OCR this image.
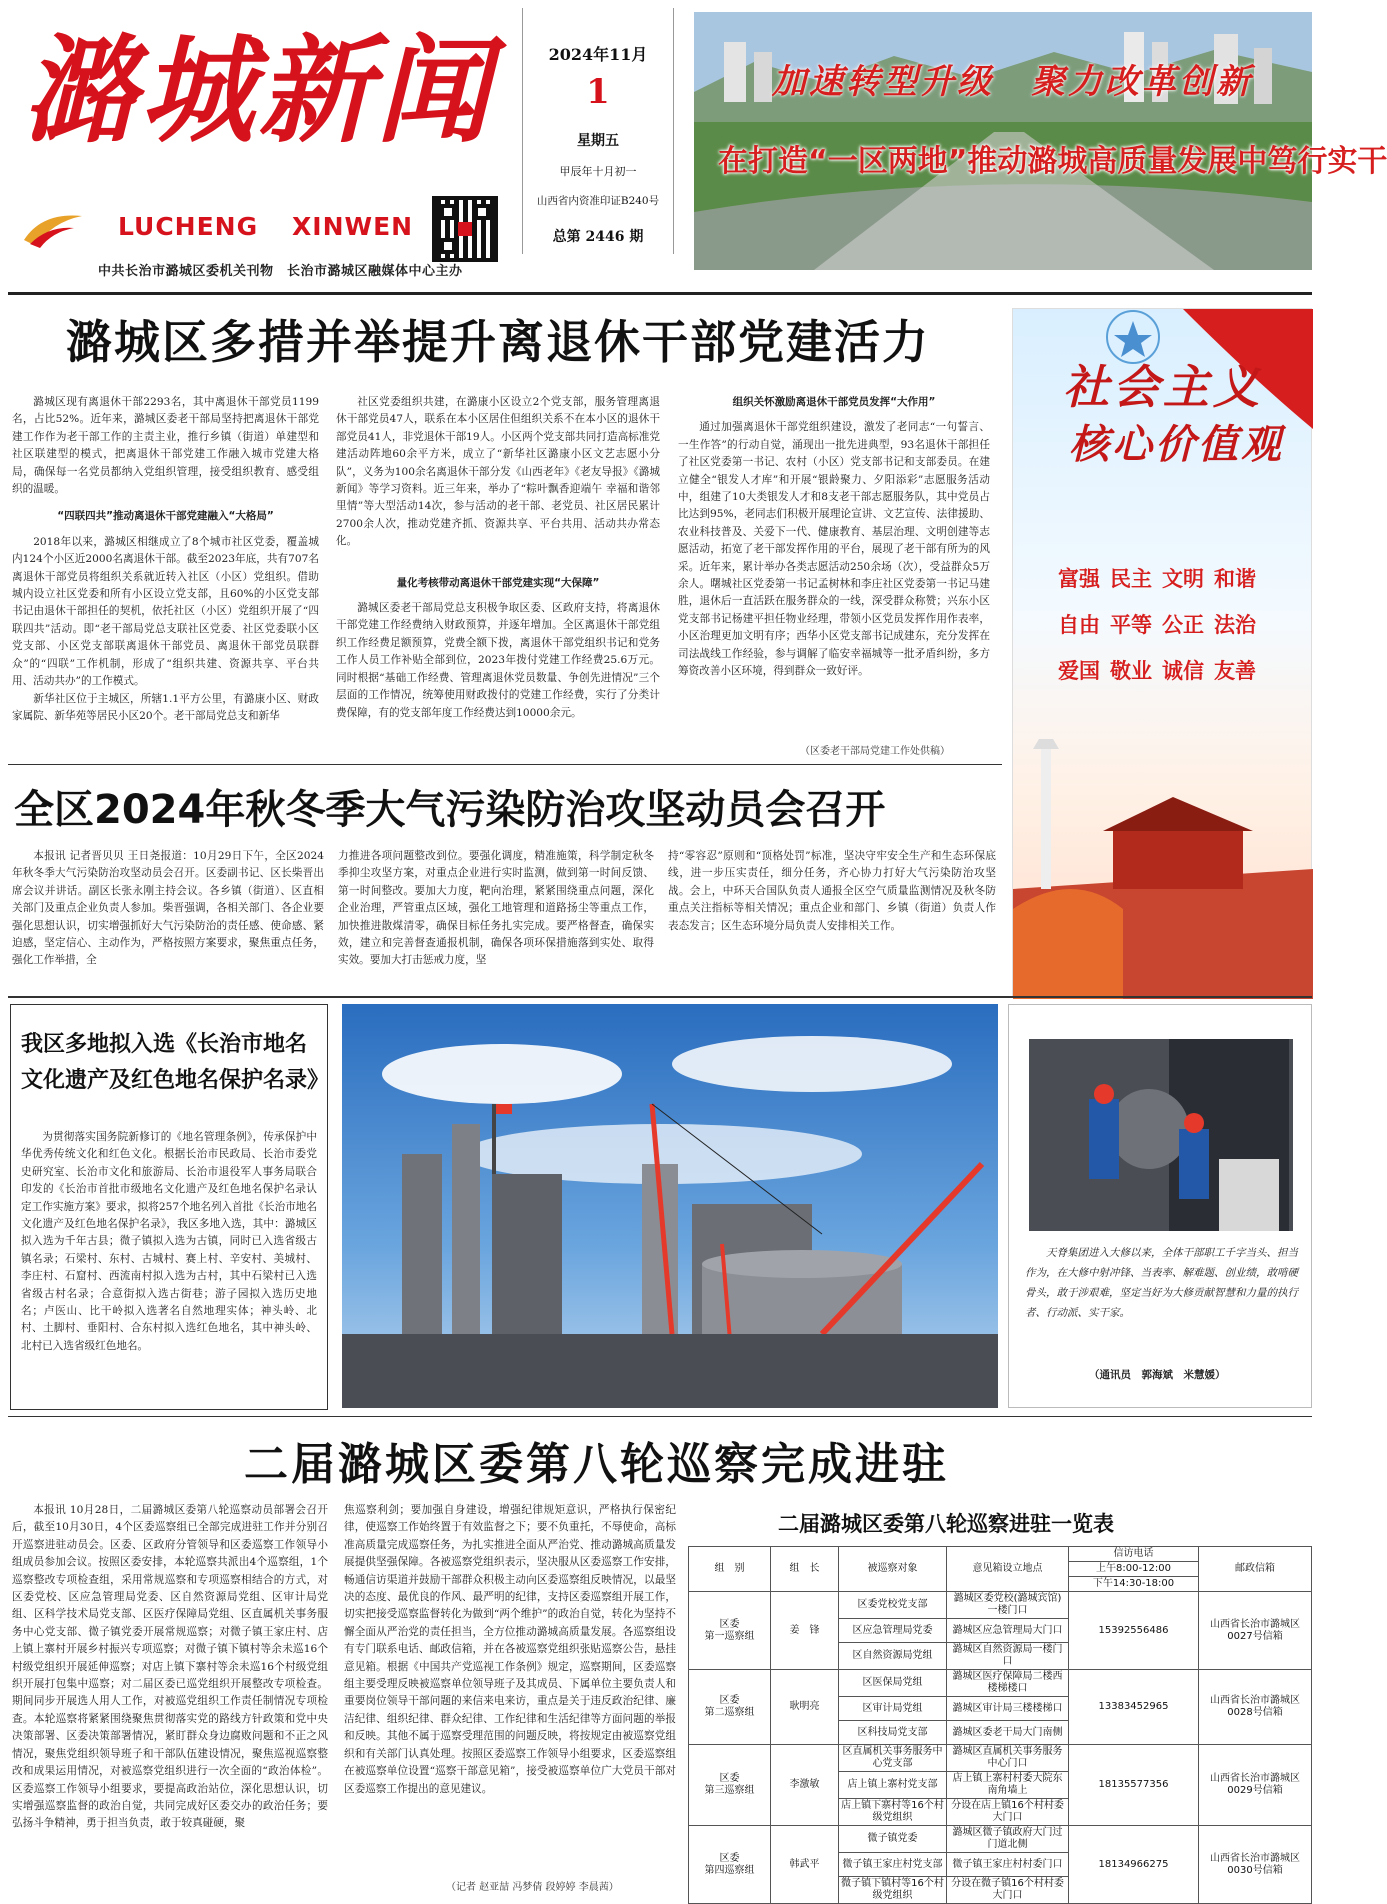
潞城新闻
LUCHENG XINWEN
中共长治市潞城区委机关刊物　长治市潞城区融媒体中心主办
2024年11月
1
星期五
甲辰年十月初一
山西省内资准印证B240号
总第 2446 期
加速转型升级　聚力改革创新
在打造“一区两地”推动潞城高质量发展中笃行实干
潞城区多措并举提升离退休干部党建活力

潞城区现有离退休干部2293名，其中离退休干部党员1199名，占比52%。近年来，潞城区委老干部局坚持把离退休干部党建工作作为老干部工作的主责主业，推行乡镇（街道）单建型和社区联建型的模式，把离退休干部党建工作融入城市党建大格局，确保每一名党员都纳入党组织管理，接受组织教育、感受组织的温暖。

“四联四共”推动离退休干部党建融入“大格局”

2018年以来，潞城区相继成立了8个城市社区党委，覆盖城内124个小区近2000名离退休干部。截至2023年底，共有707名离退休干部党员将组织关系就近转入社区（小区）党组织。借助城内设立社区党委和所有小区设立党支部，且60%的小区党支部书记由退休干部担任的契机，依托社区（小区）党组织开展了“四联四共”活动。即“老干部局党总支联社区党委、社区党委联小区党支部、小区党支部联离退休干部党员、离退休干部党员联群众”的“四联”工作机制，形成了“组织共建、资源共享、平台共用、活动共办”的工作模式。

新华社区位于主城区，所辖1.1平方公里，有潞康小区、财政家属院、新华苑等居民小区20个。老干部局党总支和新华

社区党委组织共建，在潞康小区设立2个党支部，服务管理离退休干部党员47人，联系在本小区居住但组织关系不在本小区的退休干部党员41人，非党退休干部19人。小区两个党支部共同打造高标准党建活动阵地60余平方米，成立了“新华社区潞康小区文艺志愿小分队”，义务为100余名离退休干部分发《山西老年》《老友导报》《潞城新闻》等学习资料。近三年来，举办了“粽叶飘香迎端午 幸福和谐邻里情”等大型活动14次，参与活动的老干部、老党员、社区居民累计2700余人次，推动党建齐抓、资源共享、平台共用、活动共办常态化。

量化考核带动离退休干部党建实现“大保障”

潞城区委老干部局党总支积极争取区委、区政府支持，将离退休干部党建工作经费纳入财政预算，并逐年增加。全区离退休干部党组织工作经费足额预算，党费全额下拨，离退休干部党组织书记和党务工作人员工作补贴全部到位，2023年拨付党建工作经费25.6万元。同时根据“基础工作经费、管理离退休党员数量、争创先进情况”三个层面的工作情况，统筹使用财政拨付的党建工作经费，实行了分类计费保障，有的党支部年度工作经费达到10000余元。

组织关怀激励离退休干部党员发挥“大作用”

通过加强离退休干部党组织建设，激发了老同志“一句誓言、一生作答”的行动自觉，涌现出一批先进典型，93名退休干部担任了社区党委第一书记、农村（小区）党支部书记和支部委员。在建立健全“银发人才库”和开展“银龄聚力、夕阳添彩”志愿服务活动中，组建了10大类银发人才和8支老干部志愿服务队，其中党员占比达到95%，老同志们积极开展理论宣讲、文艺宣传、法律援助、农业科技普及、关爱下一代、健康教育、基层治理、文明创建等志愿活动，拓宽了老干部发挥作用的平台，展现了老干部有所为的风采。近年来，累计举办各类志愿活动250余场（次），受益群众5万余人。曙城社区党委第一书记孟树林和李庄社区党委第一书记马建胜，退休后一直活跃在服务群众的一线，深受群众称赞；兴东小区党支部书记杨建平担任物业经理，带领小区党员发挥作用作表率，小区治理更加文明有序；西华小区党支部书记成建东，充分发挥在司法战线工作经验，参与调解了临安幸福城等一批矛盾纠纷，多方筹资改善小区环境，得到群众一致好评。

（区委老干部局党建工作处供稿）
社会主义
核心价值观
富强 民主 文明 和谐 自由 平等 公正 法治 爱国 敬业 诚信 友善
全区2024年秋冬季大气污染防治攻坚动员会召开
本报讯 记者晋贝贝 王日尧报道：10月29日下午，全区2024年秋冬季大气污染防治攻坚动员会召开。区委副书记、区长柴晋出席会议并讲话。副区长张永刚主持会议。各乡镇（街道）、区直相关部门及重点企业负责人参加。柴晋强调，各相关部门、各企业要强化思想认识，切实增强抓好大气污染防治的责任感、使命感、紧迫感，坚定信心、主动作为，严格按照方案要求，聚焦重点任务，强化工作举措，全
力推进各项问题整改到位。要强化调度，精准施策，科学制定秋冬季抑尘攻坚方案，对重点企业进行实时监测，做到第一时间反馈、第一时间整改。要加大力度，靶向治理，紧紧围绕重点问题，深化企业治理，严管重点区域，强化工地管理和道路扬尘等重点工作，加快推进散煤清零，确保目标任务扎实完成。要严格督查，确保实效，建立和完善督查通报机制，确保各项环保措施落到实处、取得实效。要加大打击惩戒力度，坚
持“零容忍”原则和“顶格处罚”标准，坚决守牢安全生产和生态环保底线，进一步压实责任，细分任务，齐心协力打好大气污染防治攻坚战。会上，中环天合国队负责人通报全区空气质量监测情况及秋冬防重点关注指标等相关情况；重点企业和部门、乡镇（街道）负责人作表态发言；区生态环境分局负责人安排相关工作。
我区多地拟入选《长治市地名
文化遗产及红色地名保护名录》
为贯彻落实国务院新修订的《地名管理条例》，传承保护中华优秀传统文化和红色文化。根据长治市民政局、长治市委党史研究室、长治市文化和旅游局、长治市退役军人事务局联合印发的《长治市首批市级地名文化遗产及红色地名保护名录认定工作实施方案》要求，拟将257个地名列入首批《长治市地名文化遗产及红色地名保护名录》，我区多地入选，其中：潞城区拟入选为千年古县；微子镇拟入选为古镇，同时已入选省级古镇名录；石梁村、东村、古城村、赛上村、辛安村、美城村、李庄村、石窟村、西流南村拟入选为古村，其中石梁村已入选省级古村名录；合意街拟入选古街巷；游子园拟入选历史地名；卢医山、比干岭拟入选著名自然地理实体；神头岭、北村、土脚村、垂阳村、合东村拟入选红色地名，其中神头岭、北村已入选省级红色地名。
天脊集团进入大修以来，全体干部职工千字当头、担当作为，在大修中射冲锋、当表率、解难题、创业绩，敢啃硬骨头，敢于涉艰难，坚定当好为大修贡献智慧和力量的执行者、行动派、实干家。
（通讯员　郭海斌　米慧媛）
二届潞城区委第八轮巡察完成进驻
本报讯 10月28日，二届潞城区委第八轮巡察动员部署会召开后，截至10月30日，4个区委巡察组已全部完成进驻工作并分别召开巡察进驻动员会。区委、区政府分管领导和区委巡察工作领导小组成员参加会议。按照区委安排，本轮巡察共派出4个巡察组，1个巡察整改专项检查组，采用常规巡察和专项巡察相结合的方式，对区委党校、区应急管理局党委、区自然资源局党组、区审计局党组、区科学技术局党支部、区医疗保障局党组、区直属机关事务服务中心党支部、微子镇党委开展常规巡察；对微子镇王家庄村、店上镇上寨村开展乡村振兴专项巡察；对微子镇下镇村等余未巡16个村级党组织开展延伸巡察；对店上镇下寨村等余未巡16个村级党组织开展打包集中巡察；对二届区委已巡党组织开展整改专项检查。期间同步开展选人用人工作，对被巡党组织工作责任制情况专项检查。本轮巡察将紧紧围绕聚焦贯彻落实党的路线方针政策和党中央决策部署、区委决策部署情况，紧盯群众身边腐败问题和不正之风情况，聚焦党组织领导班子和干部队伍建设情况，聚焦巡视巡察整改和成果运用情况，对被巡察党组织进行一次全面的“政治体检”。区委巡察工作领导小组要求，要提高政治站位，深化思想认识，切实增强巡察监督的政治自觉，共同完成好区委交办的政治任务；要弘扬斗争精神，勇于担当负责，敢于较真碰硬，聚
焦巡察利剑；要加强自身建设，增强纪律规矩意识，严格执行保密纪律，使巡察工作始终置于有效监督之下；要不负重托，不辱使命，高标准高质量完成巡察任务，为扎实推进全面从严治党、推动潞城高质量发展提供坚强保障。各被巡察党组织表示，坚决服从区委巡察工作安排，畅通信访渠道并鼓励干部群众积极主动向区委巡察组反映情况，以最坚决的态度、最优良的作风、最严明的纪律，支持区委巡察组开展工作，切实把接受巡察监督转化为做到“两个维护”的政治自觉，转化为坚持不懈全面从严治党的责任担当，全方位推动潞城高质量发展。各巡察组设有专门联系电话、邮政信箱，并在各被巡察党组织张贴巡察公告，悬挂意见箱。根据《中国共产党巡视工作条例》规定，巡察期间，区委巡察组主要受理反映被巡察单位领导班子及其成员、下属单位主要负责人和重要岗位领导干部问题的来信来电来访，重点是关于违反政治纪律、廉洁纪律、组织纪律、群众纪律、工作纪律和生活纪律等方面问题的举报和反映。其他不属于巡察受理范围的问题反映，将按规定由被巡察党组织和有关部门认真处理。按照区委巡察工作领导小组要求，区委巡察组在被巡察单位设置“巡察干部意见箱”，接受被巡察单位广大党员干部对区委巡察工作提出的意见建议。
（记者 赵亚喆 冯梦倩 段婷婷 李晨茜）
二届潞城区委第八轮巡察进驻一览表
组　别	组　长	被巡察对象	意见箱设立地点	信访电话	邮政信箱
				上午8:00-12:00	
				下午14:30-18:00	
区委
第一巡察组	姜　锋	区委党校党支部	潞城区委党校(潞城宾馆)一楼门口	15392556486	山西省长治市潞城区
0027号信箱
		区应急管理局党委	潞城区应急管理局大门口		
		区自然资源局党组	潞城区自然资源局一楼门口		
区委
第二巡察组	耿明亮	区医保局党组	潞城区医疗保障局二楼西楼梯楼口	13383452965	山西省长治市潞城区
0028号信箱
		区审计局党组	潞城区审计局三楼楼梯口		
		区科技局党支部	潞城区委老干局大门南侧		
区委
第三巡察组	李激敏	区直属机关事务服务中心党支部	潞城区直属机关事务服务中心门口	18135577356	山西省长治市潞城区
0029号信箱
		店上镇上寨村党支部	店上镇上寨村村委大院东南角墙上		
		店上镇下寨村等16个村级党组织	分设在店上镇16个村村委大门口		
区委
第四巡察组	韩武平	微子镇党委	潞城区微子镇政府大门过门道北侧	18134966275	山西省长治市潞城区
0030号信箱
		微子镇王家庄村党支部	微子镇王家庄村村委门口		
		微子镇下镇村等16个村级党组织	分设在微子镇16个村村委大门口		
